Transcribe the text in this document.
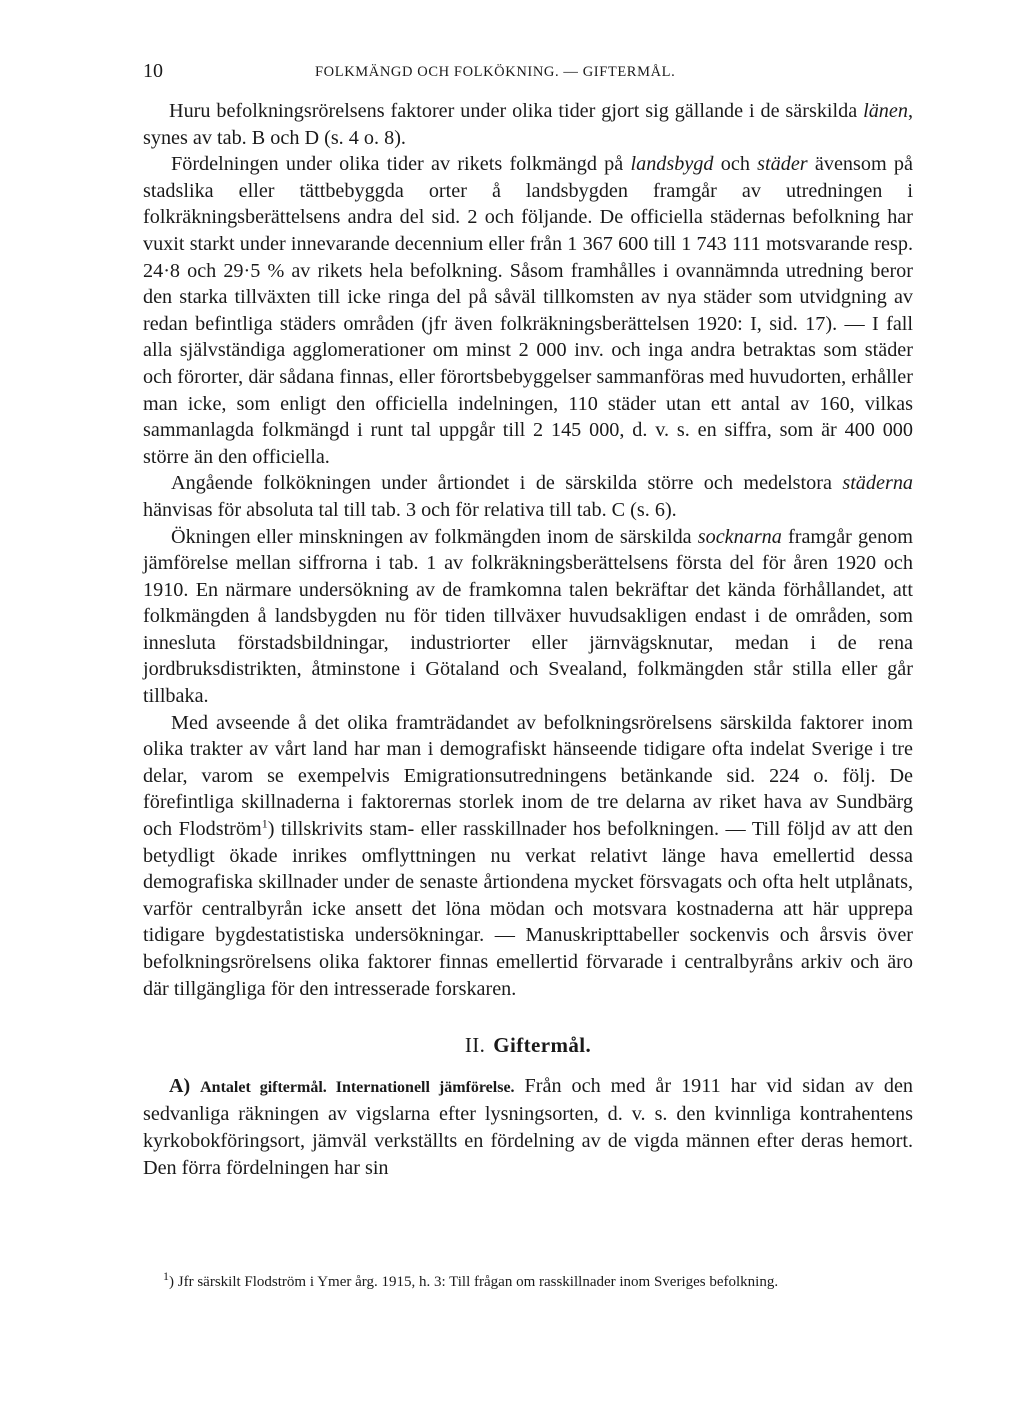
10	FOLKMÄNGD OCH FOLKÖKNING. — GIFTERMÅL.

Huru befolkningsrörelsens faktorer under olika tider gjort sig gällande i de särskilda länen, synes av tab. B och D (s. 4 o. 8).

Fördelningen under olika tider av rikets folkmängd på landsbygd och städer ävensom på stadslika eller tättbebyggda orter å landsbygden framgår av utredningen i folkräkningsberättelsens andra del sid. 2 och följande. De officiella städernas befolkning har vuxit starkt under innevarande decennium eller från 1 367 600 till 1 743 111 motsvarande resp. 24·8 och 29·5 % av rikets hela befolkning. Såsom framhålles i ovannämnda utredning beror den starka tillväxten till icke ringa del på såväl tillkomsten av nya städer som utvidgning av redan befintliga städers områden (jfr även folkräkningsberättelsen 1920: I, sid. 17). — I fall alla självständiga agglomerationer om minst 2 000 inv. och inga andra betraktas som städer och förorter, där sådana finnas, eller förortsbebyggelser sammanföras med huvudorten, erhåller man icke, som enligt den officiella indelningen, 110 städer utan ett antal av 160, vilkas sammanlagda folkmängd i runt tal uppgår till 2 145 000, d. v. s. en siffra, som är 400 000 större än den officiella.

Angående folkökningen under årtiondet i de särskilda större och medelstora städerna hänvisas för absoluta tal till tab. 3 och för relativa till tab. C (s. 6).

Ökningen eller minskningen av folkmängden inom de särskilda socknarna framgår genom jämförelse mellan siffrorna i tab. 1 av folkräkningsberättelsens första del för åren 1920 och 1910. En närmare undersökning av de framkomna talen bekräftar det kända förhållandet, att folkmängden å landsbygden nu för tiden tillväxer huvudsakligen endast i de områden, som innesluta förstadsbildningar, industriorter eller järnvägsknutar, medan i de rena jordbruksdistrikten, åtminstone i Götaland och Svealand, folkmängden står stilla eller går tillbaka.

Med avseende å det olika framträdandet av befolkningsrörelsens särskilda faktorer inom olika trakter av vårt land har man i demografiskt hänseende tidigare ofta indelat Sverige i tre delar, varom se exempelvis Emigrationsutredningens betänkande sid. 224 o. följ. De förefintliga skillnaderna i faktorernas storlek inom de tre delarna av riket hava av Sundbärg och Flodström$^1$) tillskrivits stam- eller rasskillnader hos befolkningen. — Till följd av att den betydligt ökade inrikes omflyttningen nu verkat relativt länge hava emellertid dessa demografiska skillnader under de senaste årtiondena mycket försvagats och ofta helt utplånats, varför centralbyrån icke ansett det löna mödan och motsvara kostnaderna att här upprepa tidigare bygdestatistiska undersökningar. — Manuskripttabeller sockenvis och årsvis över befolkningsrörelsens olika faktorer finnas emellertid förvarade i centralbyråns arkiv och äro där tillgängliga för den intresserade forskaren.

II. Giftermål.

A) Antalet giftermål. Internationell jämförelse. Från och med år 1911 har vid sidan av den sedvanliga räkningen av vigslarna efter lysningsorten, d. v. s. den kvinnliga kontrahentens kyrkobokföringsort, jämväl verkställts en fördelning av de vigda männen efter deras hemort. Den förra fördelningen har sin

$^1$) Jfr särskilt Flodström i Ymer årg. 1915, h. 3: Till frågan om rasskillnader inom Sveriges befolkning.
